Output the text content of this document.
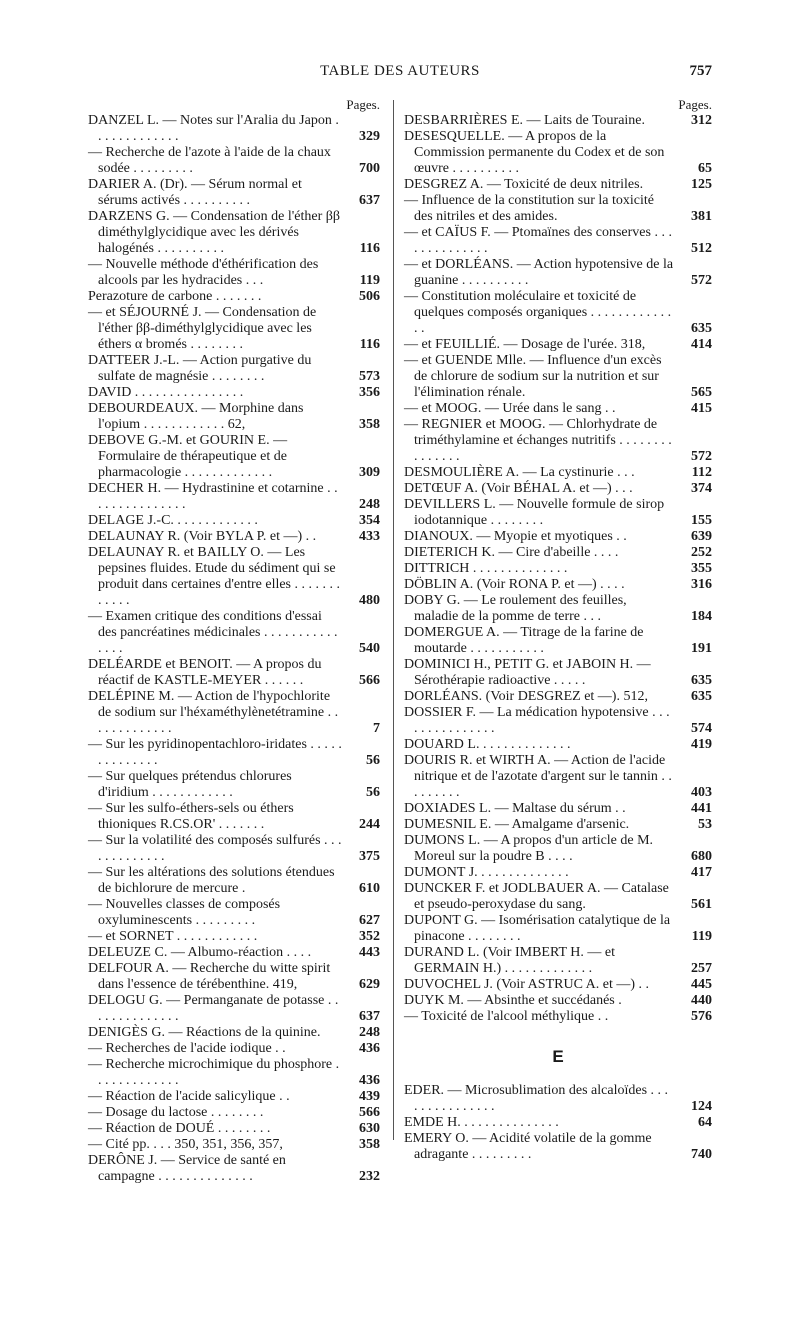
TABLE DES AUTEURS	757
Pages.
DANZEL L. — Notes sur l'Aralia du Japon . . . . . . . . . . . . .	329
— Recherche de l'azote à l'aide de la chaux sodée . . . . . . . . .	700
DARIER A. (Dr). — Sérum normal et sérums activés . . . . . . . . . .	637
DARZENS G. — Condensation de l'éther ββ diméthylglycidique avec les dérivés halogénés . . . . . . . . . .	116
— Nouvelle méthode d'éthérification des alcools par les hydracides . . .	119
Perazoture de carbone . . . . . . .	506
— et SÉJOURNÉ J. — Condensation de l'éther ββ-diméthylglycidique avec les éthers α bromés . . . . . . . .	116
DATTEER J.-L. — Action purgative du sulfate de magnésie . . . . . . . .	573
DAVID . . . . . . . . . . . . . . . .	356
DEBOURDEAUX. — Morphine dans l'opium . . . . . . . . . . . . 62,	358
DEBOVE G.-M. et GOURIN E. — Formulaire de thérapeutique et de pharmacologie . . . . . . . . . . . . .	309
DECHER H. — Hydrastinine et cotarnine . . . . . . . . . . . . . . .	248
DELAGE J.-C. . . . . . . . . . . . .	354
DELAUNAY R. (Voir BYLA P. et —) . .	433
DELAUNAY R. et BAILLY O. — Les pepsines fluides. Etude du sédiment qui se produit dans certaines d'entre elles . . . . . . . . . . . .	480
— Examen critique des conditions d'essai des pancréatines médicinales . . . . . . . . . . . . . . .	540
DELÉARDE et BENOIT. — A propos du réactif de KASTLE-MEYER . . . . . .	566
DELÉPINE M. — Action de l'hypochlorite de sodium sur l'héxaméthylènetétramine . . . . . . . . . . . . .	7
— Sur les pyridinopentachloro-iridates . . . . . . . . . . . . . .	56
— Sur quelques prétendus chlorures d'iridium . . . . . . . . . . . .	56
— Sur les sulfo-éthers-sels ou éthers thioniques R.CS.OR' . . . . . . .	244
— Sur la volatilité des composés sulfurés . . . . . . . . . . . . .	375
— Sur les altérations des solutions étendues de bichlorure de mercure .	610
— Nouvelles classes de composés oxyluminescents . . . . . . . . .	627
— et SORNET . . . . . . . . . . . .	352
DELEUZE C. — Albumo-réaction . . . .	443
DELFOUR A. — Recherche du witte spirit dans l'essence de térébenthine. 419,	629
DELOGU G. — Permanganate de potasse . . . . . . . . . . . . . .	637
DENIGÈS G. — Réactions de la quinine.	248
— Recherches de l'acide iodique . .	436
— Recherche microchimique du phosphore . . . . . . . . . . . . .	436
— Réaction de l'acide salicylique . .	439
— Dosage du lactose . . . . . . . .	566
— Réaction de DOUÉ . . . . . . . .	630
— Cité pp. . . . 350, 351, 356, 357,	358
DERÔNE J. — Service de santé en campagne . . . . . . . . . . . . . .	232
Pages.
DESBARRIÈRES E. — Laits de Touraine.	312
DESESQUELLE. — A propos de la Commission permanente du Codex et de son œuvre . . . . . . . . . .	65
DESGREZ A. — Toxicité de deux nitriles.	125
— Influence de la constitution sur la toxicité des nitriles et des amides.	381
— et CAÏUS F. — Ptomaïnes des conserves . . . . . . . . . . . . . .	512
— et DORLÉANS. — Action hypotensive de la guanine . . . . . . . . . .	572
— Constitution moléculaire et toxicité de quelques composés organiques . . . . . . . . . . . . . .	635
— et FEUILLIÉ. — Dosage de l'urée. 318,	414
— et GUENDE Mlle. — Influence d'un excès de chlorure de sodium sur la nutrition et sur l'élimination rénale.	565
— et MOOG. — Urée dans le sang . .	415
— REGNIER et MOOG. — Chlorhydrate de triméthylamine et échanges nutritifs . . . . . . . . . . . . . . .	572
DESMOULIÈRE A. — La cystinurie . . .	112
DETŒUF A. (Voir BÉHAL A. et —) . . .	374
DEVILLERS L. — Nouvelle formule de sirop iodotannique . . . . . . . .	155
DIANOUX. — Myopie et myotiques . .	639
DIETERICH K. — Cire d'abeille . . . .	252
DITTRICH . . . . . . . . . . . . . .	355
DÖBLIN A. (Voir RONA P. et —) . . . .	316
DOBY G. — Le roulement des feuilles, maladie de la pomme de terre . . .	184
DOMERGUE A. — Titrage de la farine de moutarde . . . . . . . . . . .	191
DOMINICI H., PETIT G. et JABOIN H. — Sérothérapie radioactive . . . . .	635
DORLÉANS. (Voir DESGREZ et —). 512,	635
DOSSIER F. — La médication hypotensive . . . . . . . . . . . . . . .	574
DOUARD L. . . . . . . . . . . . . .	419
DOURIS R. et WIRTH A. — Action de l'acide nitrique et de l'azotate d'argent sur le tannin . . . . . . . . .	403
DOXIADES L. — Maltase du sérum . .	441
DUMESNIL E. — Amalgame d'arsenic.	53
DUMONS L. — A propos d'un article de M. Moreul sur la poudre B . . . .	680
DUMONT J. . . . . . . . . . . . . .	417
DUNCKER F. et JODLBAUER A. — Catalase et pseudo-peroxydase du sang.	561
DUPONT G. — Isomérisation catalytique de la pinacone . . . . . . . .	119
DURAND L. (Voir IMBERT H. — et GERMAIN H.) . . . . . . . . . . . . .	257
DUVOCHEL J. (Voir ASTRUC A. et —) . .	445
DUYK M. — Absinthe et succédanés .	440
— Toxicité de l'alcool méthylique . .	576
E
EDER. — Microsublimation des alcaloïdes . . . . . . . . . . . . . . .	124
EMDE H. . . . . . . . . . . . . . .	64
EMERY O. — Acidité volatile de la gomme adragante . . . . . . . . .	740
